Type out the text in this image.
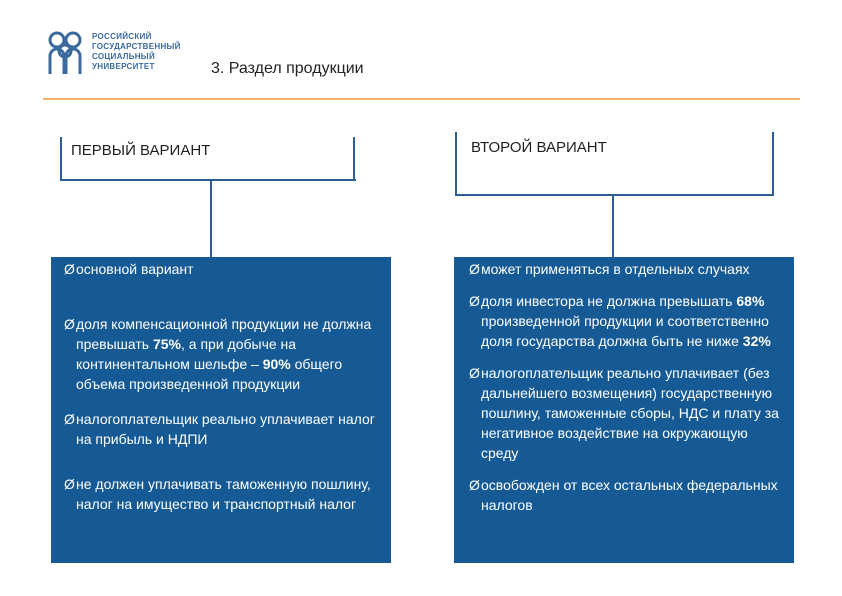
РОССИЙСКИЙ
ГОСУДАРСТВЕННЫЙ
СОЦИАЛЬНЫЙ
УНИВЕРСИТЕТ	3. Раздел продукции
ПЕРВЫЙ ВАРИАНТ	ВТОРОЙ ВАРИАНТ

Ø основной вариант

Ø доля компенсационной продукции не должна превышать 75%, а при добыче на континентальном шельфе – 90% общего объема произведенной продукции

Ø налогоплательщик реально уплачивает налог на прибыль и НДПИ

Ø не должен уплачивать таможенную пошлину, налог на имущество и транспортный налог

Ø может применяться в отдельных случаях

Ø доля инвестора не должна превышать 68% произведенной продукции и соответственно доля государства должна быть не ниже 32%

Ø налогоплательщик реально уплачивает (без дальнейшего возмещения) государственную пошлину, таможенные сборы, НДС и плату за негативное воздействие на окружающую среду

Ø освобожден от всех остальных федеральных налогов
